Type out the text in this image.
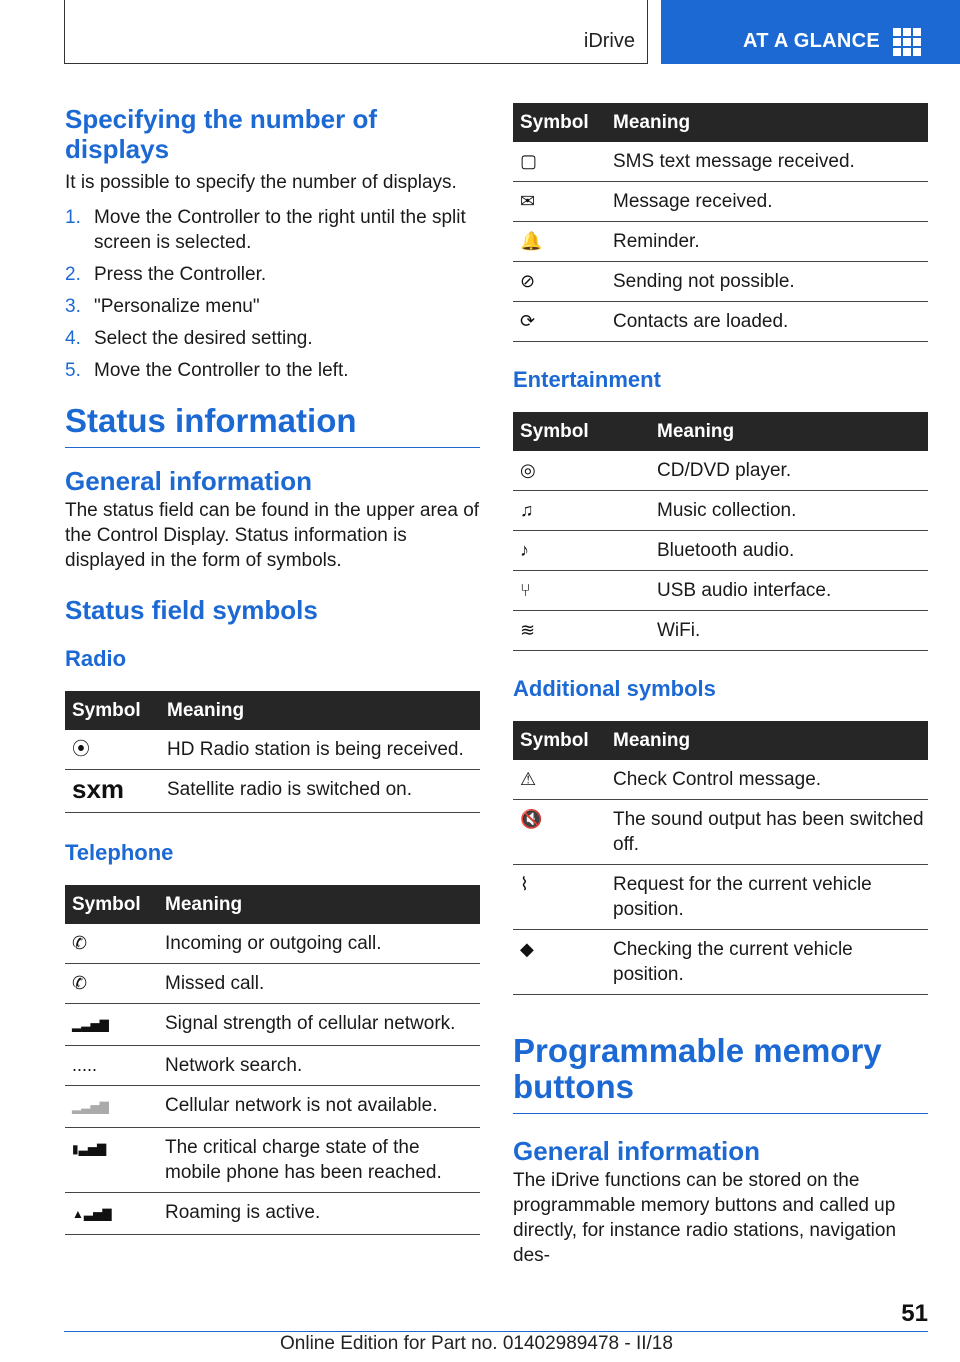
iDrive	AT A GLANCE
Specifying the number of displays

It is possible to specify the number of displays.

1. Move the Controller to the right until the split screen is selected.
2. Press the Controller.
3. "Personalize menu"
4. Select the desired setting.
5. Move the Controller to the left.
Status information
General information

The status field can be found in the upper area of the Control Display. Status information is displayed in the form of symbols.

Status field symbols
Radio
Symbol	Meaning
⦿	HD Radio station is being received.
sxm	Satellite radio is switched on.
Telephone
Symbol	Meaning
✆	Incoming or outgoing call.
✆	Missed call.
▂▃▅▇	Signal strength of cellular network.
.....	Network search.
▂▃▅▇	Cellular network is not available.
▮▃▅▇	The critical charge state of the mobile phone has been reached.
▲▃▅▇	Roaming is active.
Symbol	Meaning
▢	SMS text message received.
✉	Message received.
🔔	Reminder.
⊘	Sending not possible.
⟳	Contacts are loaded.
Entertainment
Symbol	Meaning
◎	CD/DVD player.
♫	Music collection.
♪	Bluetooth audio.
⑂	USB audio interface.
≋	WiFi.
Additional symbols
Symbol	Meaning
⚠	Check Control message.
🔇	The sound output has been switched off.
⌇	Request for the current vehicle position.
◆	Checking the current vehicle position.
Programmable memory buttons
General information

The iDrive functions can be stored on the programmable memory buttons and called up directly, for instance radio stations, navigation des-

51
Online Edition for Part no. 01402989478 - II/18
